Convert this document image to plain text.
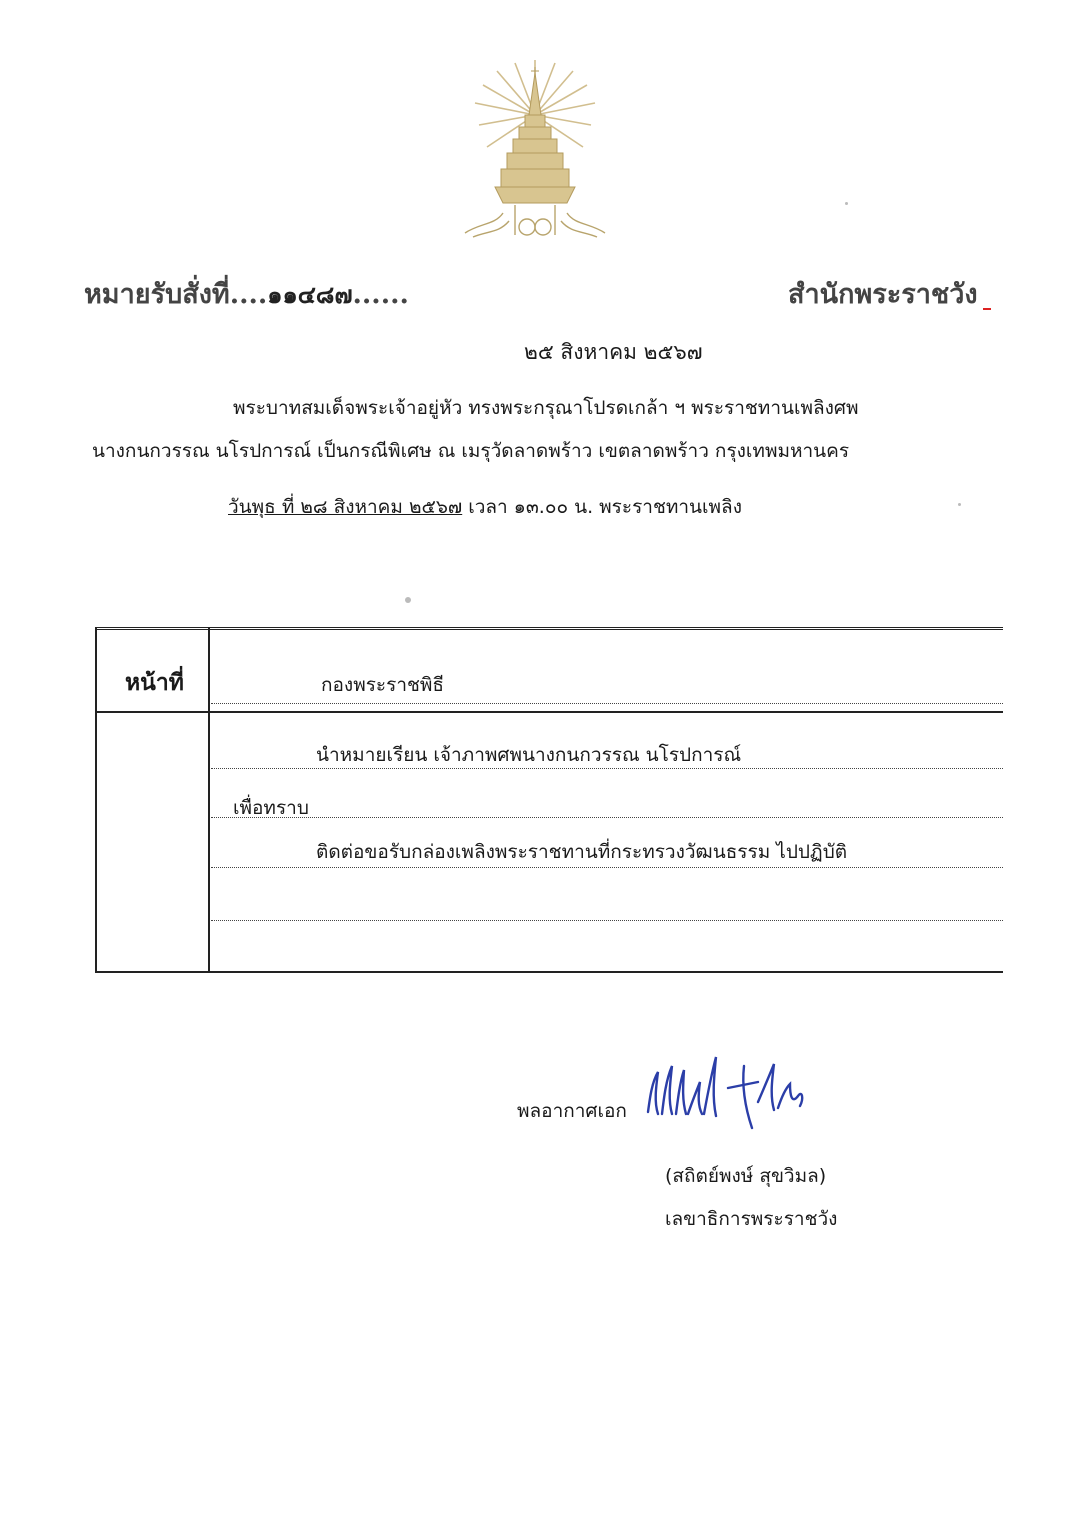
หมายรับสั่งที่....๑๑๔๘๗......	สำนักพระราชวัง
๒๕ สิงหาคม ๒๕๖๗
พระบาทสมเด็จพระเจ้าอยู่หัว ทรงพระกรุณาโปรดเกล้า ฯ พระราชทานเพลิงศพ
นางกนกวรรณ นโรปการณ์ เป็นกรณีพิเศษ ณ เมรุวัดลาดพร้าว เขตลาดพร้าว กรุงเทพมหานคร
วันพุธ ที่ ๒๘ สิงหาคม ๒๕๖๗ เวลา ๑๓.๐๐ น. พระราชทานเพลิง
หน้าที่	กองพระราชพิธี
นำหมายเรียน เจ้าภาพศพนางกนกวรรณ นโรปการณ์
เพื่อทราบ
ติดต่อขอรับกล่องเพลิงพระราชทานที่กระทรวงวัฒนธรรม ไปปฏิบัติ
พลอากาศเอก
(สถิตย์พงษ์ สุขวิมล)
เลขาธิการพระราชวัง
